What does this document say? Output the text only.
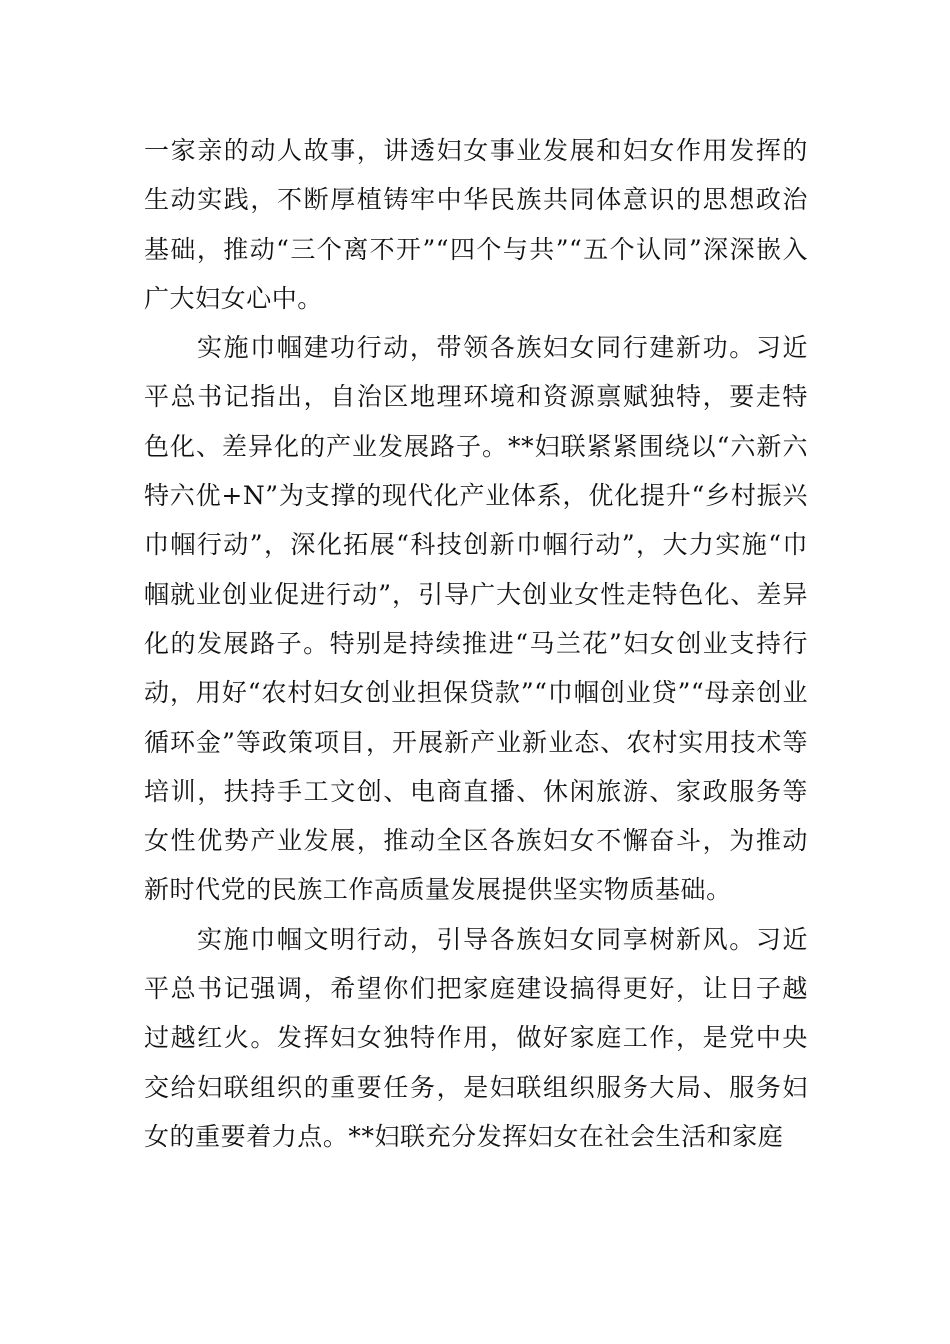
一家亲的动人故事，讲透妇女事业发展和妇女作用发挥的生动实践，不断厚植铸牢中华民族共同体意识的思想政治基础，推动“三个离不开”“四个与共”“五个认同”深深嵌入广大妇女心中。

实施巾帼建功行动，带领各族妇女同行建新功。习近平总书记指出，自治区地理环境和资源禀赋独特，要走特色化、差异化的产业发展路子。**妇联紧紧围绕以“六新六特六优+N”为支撑的现代化产业体系，优化提升“乡村振兴巾帼行动”，深化拓展“科技创新巾帼行动”，大力实施“巾帼就业创业促进行动”，引导广大创业女性走特色化、差异化的发展路子。特别是持续推进“马兰花”妇女创业支持行动，用好“农村妇女创业担保贷款”“巾帼创业贷”“母亲创业循环金”等政策项目，开展新产业新业态、农村实用技术等培训，扶持手工文创、电商直播、休闲旅游、家政服务等女性优势产业发展，推动全区各族妇女不懈奋斗，为推动新时代党的民族工作高质量发展提供坚实物质基础。

实施巾帼文明行动，引导各族妇女同享树新风。习近平总书记强调，希望你们把家庭建设搞得更好，让日子越过越红火。发挥妇女独特作用，做好家庭工作，是党中央交给妇联组织的重要任务，是妇联组织服务大局、服务妇女的重要着力点。**妇联充分发挥妇女在社会生活和家庭
